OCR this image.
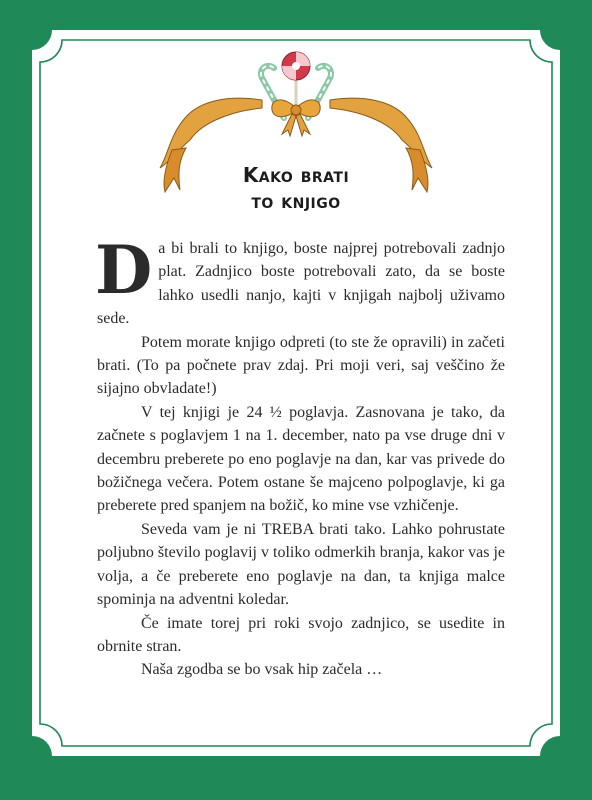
Kako brati
to knjigo

Da bi brali to knjigo, boste najprej potrebovali zadnjo plat. Zadnjico boste potrebovali zato, da se boste lahko usedli nanjo, kajti v knjigah najbolj uživamo sede.

Potem morate knjigo odpreti (to ste že opravili) in začeti brati. (To pa počnete prav zdaj. Pri moji veri, saj veščino že sijajno obvladate!)

V tej knjigi je 24 ½ poglavja. Zasnovana je tako, da začnete s poglavjem 1 na 1. december, nato pa vse druge dni v decembru preberete po eno poglavje na dan, kar vas privede do božičnega večera. Potem ostane še majceno polpoglavje, ki ga preberete pred spanjem na božič, ko mine vse vzhičenje.

Seveda vam je ni TREBA brati tako. Lahko pohrustate poljubno število poglavij v toliko odmerkih branja, kakor vas je volja, a če preberete eno poglavje na dan, ta knjiga malce spominja na adventni koledar.

Če imate torej pri roki svojo zadnjico, se usedite in obrnite stran.

Naša zgodba se bo vsak hip začela …
